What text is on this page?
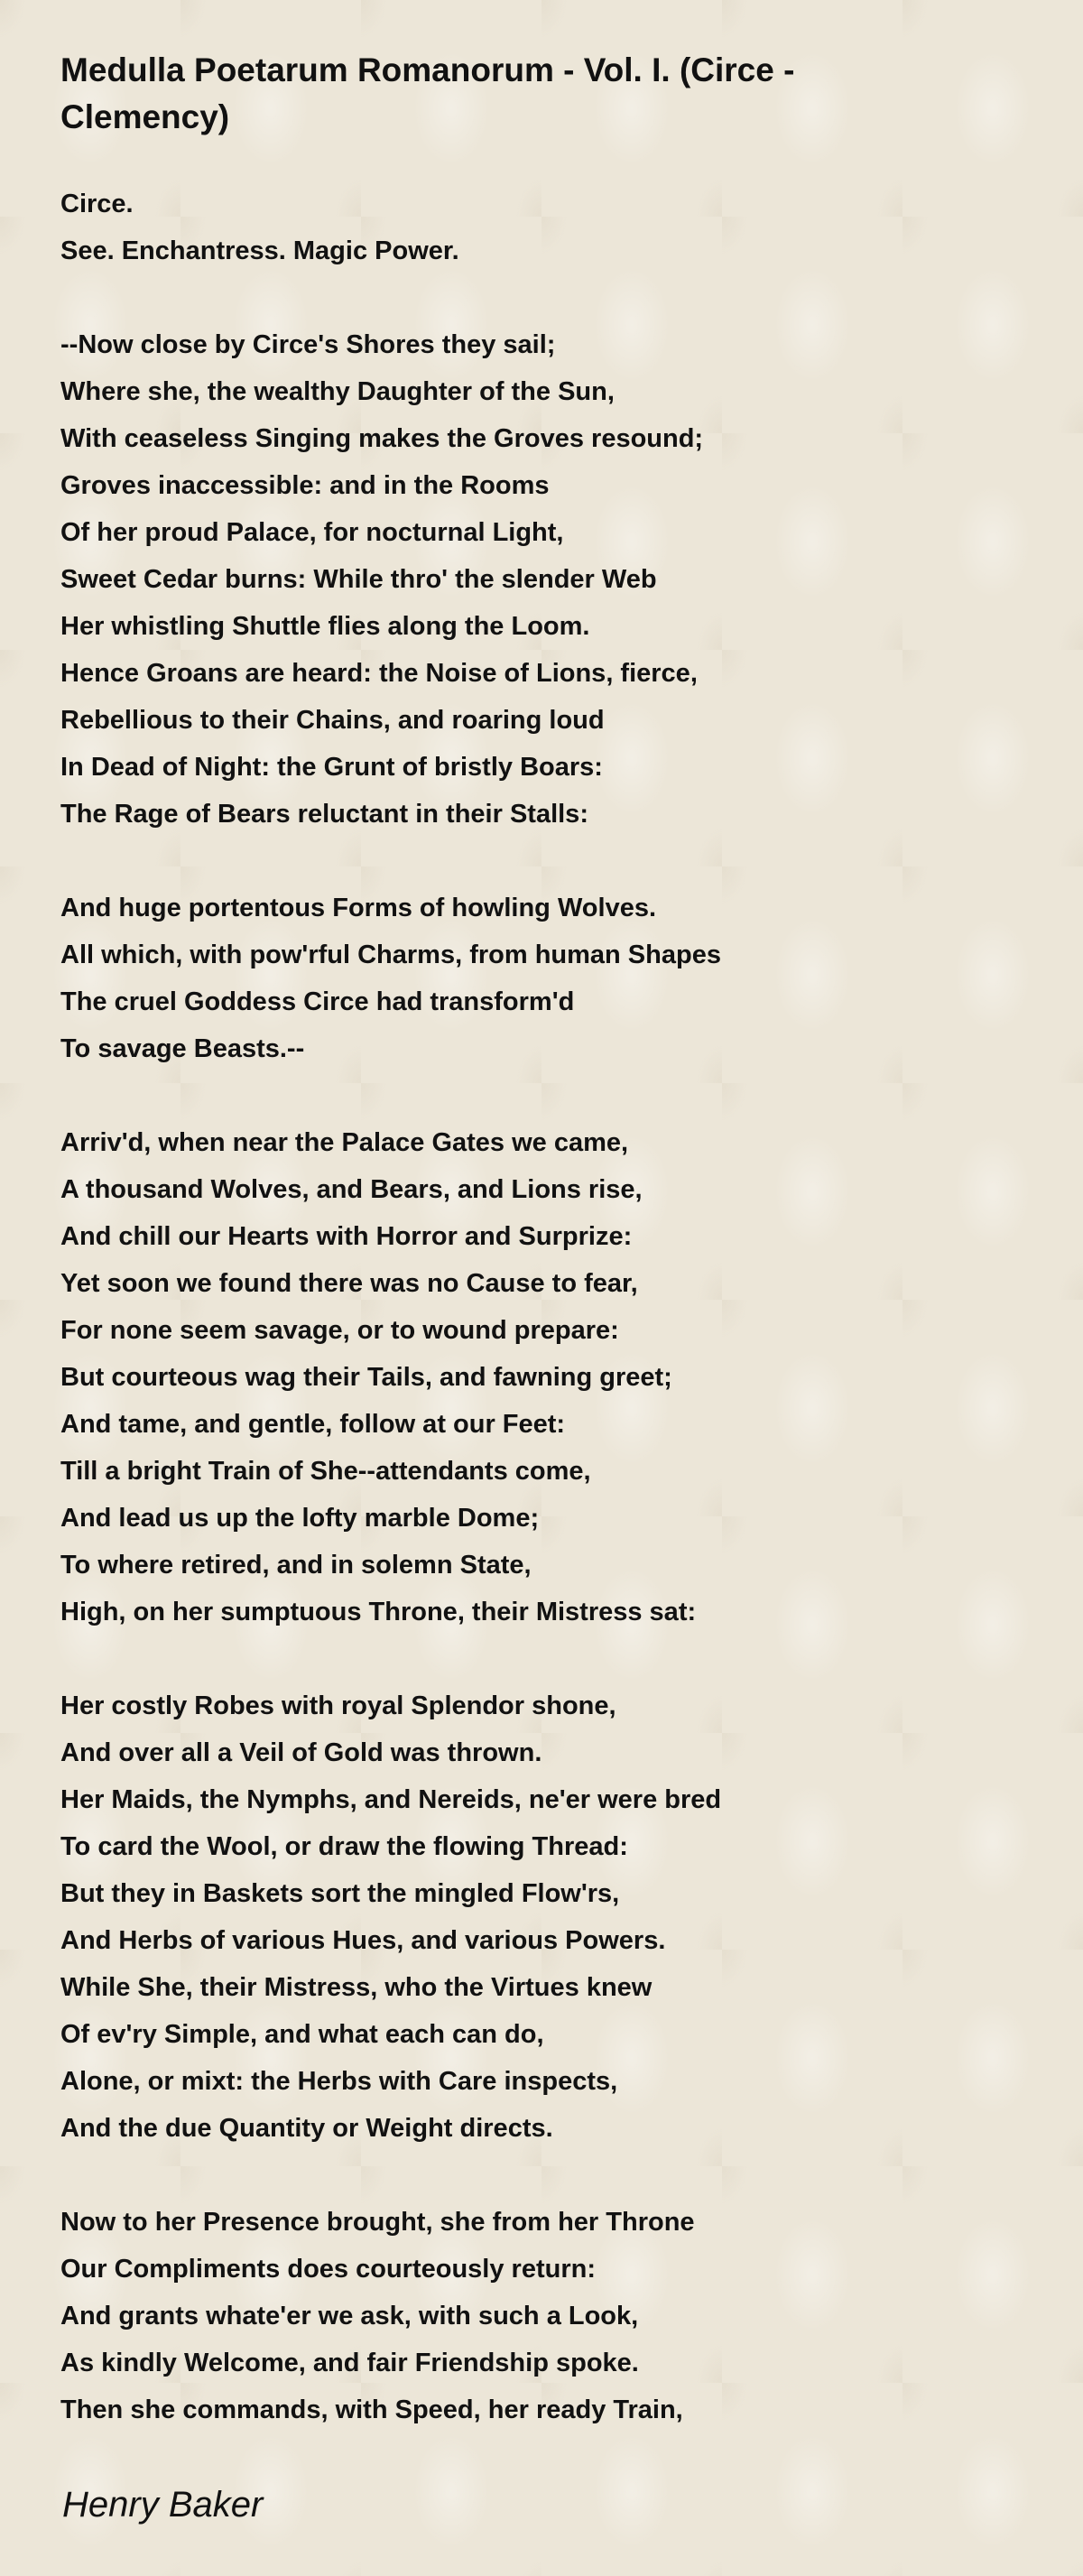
Medulla Poetarum Romanorum - Vol. I. (Circe - Clemency)
Circe.
See. Enchantress. Magic Power.
--Now close by Circe's Shores they sail;
Where she, the wealthy Daughter of the Sun,
With ceaseless Singing makes the Groves resound;
Groves inaccessible: and in the Rooms
Of her proud Palace, for nocturnal Light,
Sweet Cedar burns: While thro' the slender Web
Her whistling Shuttle flies along the Loom.
Hence Groans are heard: the Noise of Lions, fierce,
Rebellious to their Chains, and roaring loud
In Dead of Night: the Grunt of bristly Boars:
The Rage of Bears reluctant in their Stalls:
And huge portentous Forms of howling Wolves.
All which, with pow'rful Charms, from human Shapes
The cruel Goddess Circe had transform'd
To savage Beasts.--
Arriv'd, when near the Palace Gates we came,
A thousand Wolves, and Bears, and Lions rise,
And chill our Hearts with Horror and Surprize:
Yet soon we found there was no Cause to fear,
For none seem savage, or to wound prepare:
But courteous wag their Tails, and fawning greet;
And tame, and gentle, follow at our Feet:
Till a bright Train of She--attendants come,
And lead us up the lofty marble Dome;
To where retired, and in solemn State,
High, on her sumptuous Throne, their Mistress sat:
Her costly Robes with royal Splendor shone,
And over all a Veil of Gold was thrown.
Her Maids, the Nymphs, and Nereids, ne'er were bred
To card the Wool, or draw the flowing Thread:
But they in Baskets sort the mingled Flow'rs,
And Herbs of various Hues, and various Powers.
While She, their Mistress, who the Virtues knew
Of ev'ry Simple, and what each can do,
Alone, or mixt: the Herbs with Care inspects,
And the due Quantity or Weight directs.
Now to her Presence brought, she from her Throne
Our Compliments does courteously return:
And grants whate'er we ask, with such a Look,
As kindly Welcome, and fair Friendship spoke.
Then she commands, with Speed, her ready Train,
Henry Baker
